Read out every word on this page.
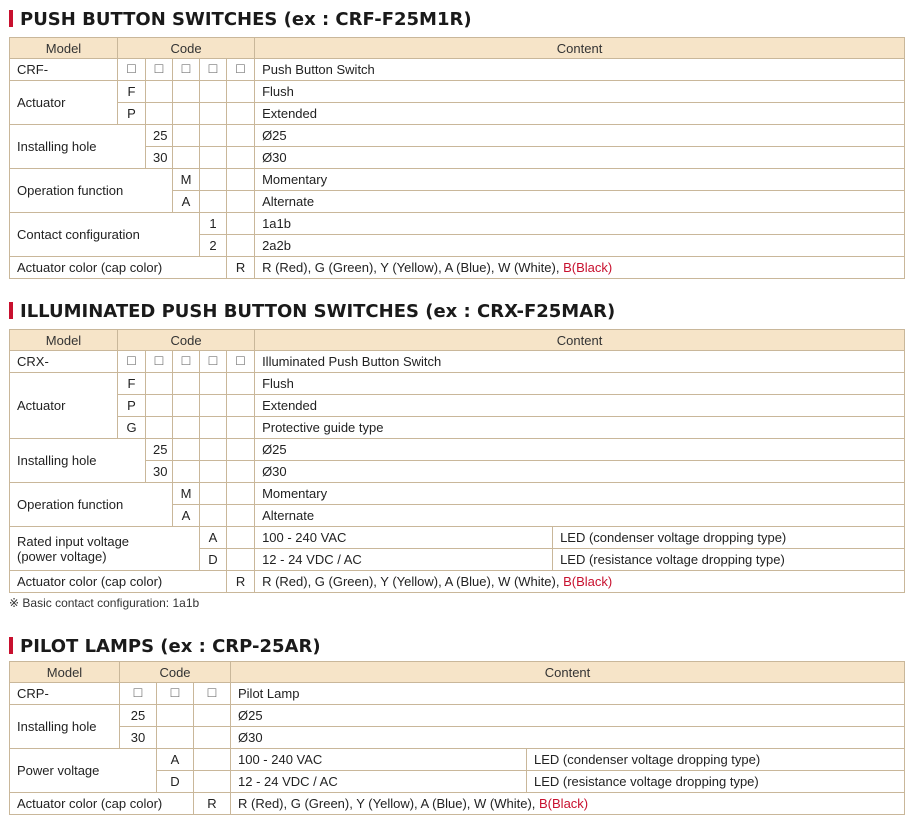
PUSH BUTTON SWITCHES (ex : CRF-F25M1R)
Model	Code					Content
CRF-	☐	☐	☐	☐	☐	Push Button Switch
Actuator	F					Flush
	P					Extended
Installing hole		25				Ø25
		30				Ø30
Operation function			M			Momentary
			A			Alternate
Contact configuration				1		1a1b
				2		2a2b
Actuator color (cap color)					R	R (Red), G (Green), Y (Yellow), A (Blue), W (White), B(Black)
ILLUMINATED PUSH BUTTON SWITCHES (ex : CRX-F25MAR)
Model	Code					Content	
CRX-	☐	☐	☐	☐	☐	Illuminated Push Button Switch	
Actuator	F					Flush	
	P					Extended	
	G					Protective guide type	
Installing hole		25				Ø25	
		30				Ø30	
Operation function			M			Momentary	
			A			Alternate	
Rated input voltage
(power voltage)				A		100 - 240 VAC	LED (condenser voltage dropping type)
				D		12 - 24 VDC / AC	LED (resistance voltage dropping type)
Actuator color (cap color)					R	R (Red), G (Green), Y (Yellow), A (Blue), W (White), B(Black)	
※ Basic contact configuration: 1a1b
PILOT LAMPS (ex : CRP-25AR)
Model	Code			Content	
CRP-	☐	☐	☐	Pilot Lamp	
Installing hole	25			Ø25	
	30			Ø30	
Power voltage		A		100 - 240 VAC	LED (condenser voltage dropping type)
		D		12 - 24 VDC / AC	LED (resistance voltage dropping type)
Actuator color (cap color)			R	R (Red), G (Green), Y (Yellow), A (Blue), W (White), B(Black)	
